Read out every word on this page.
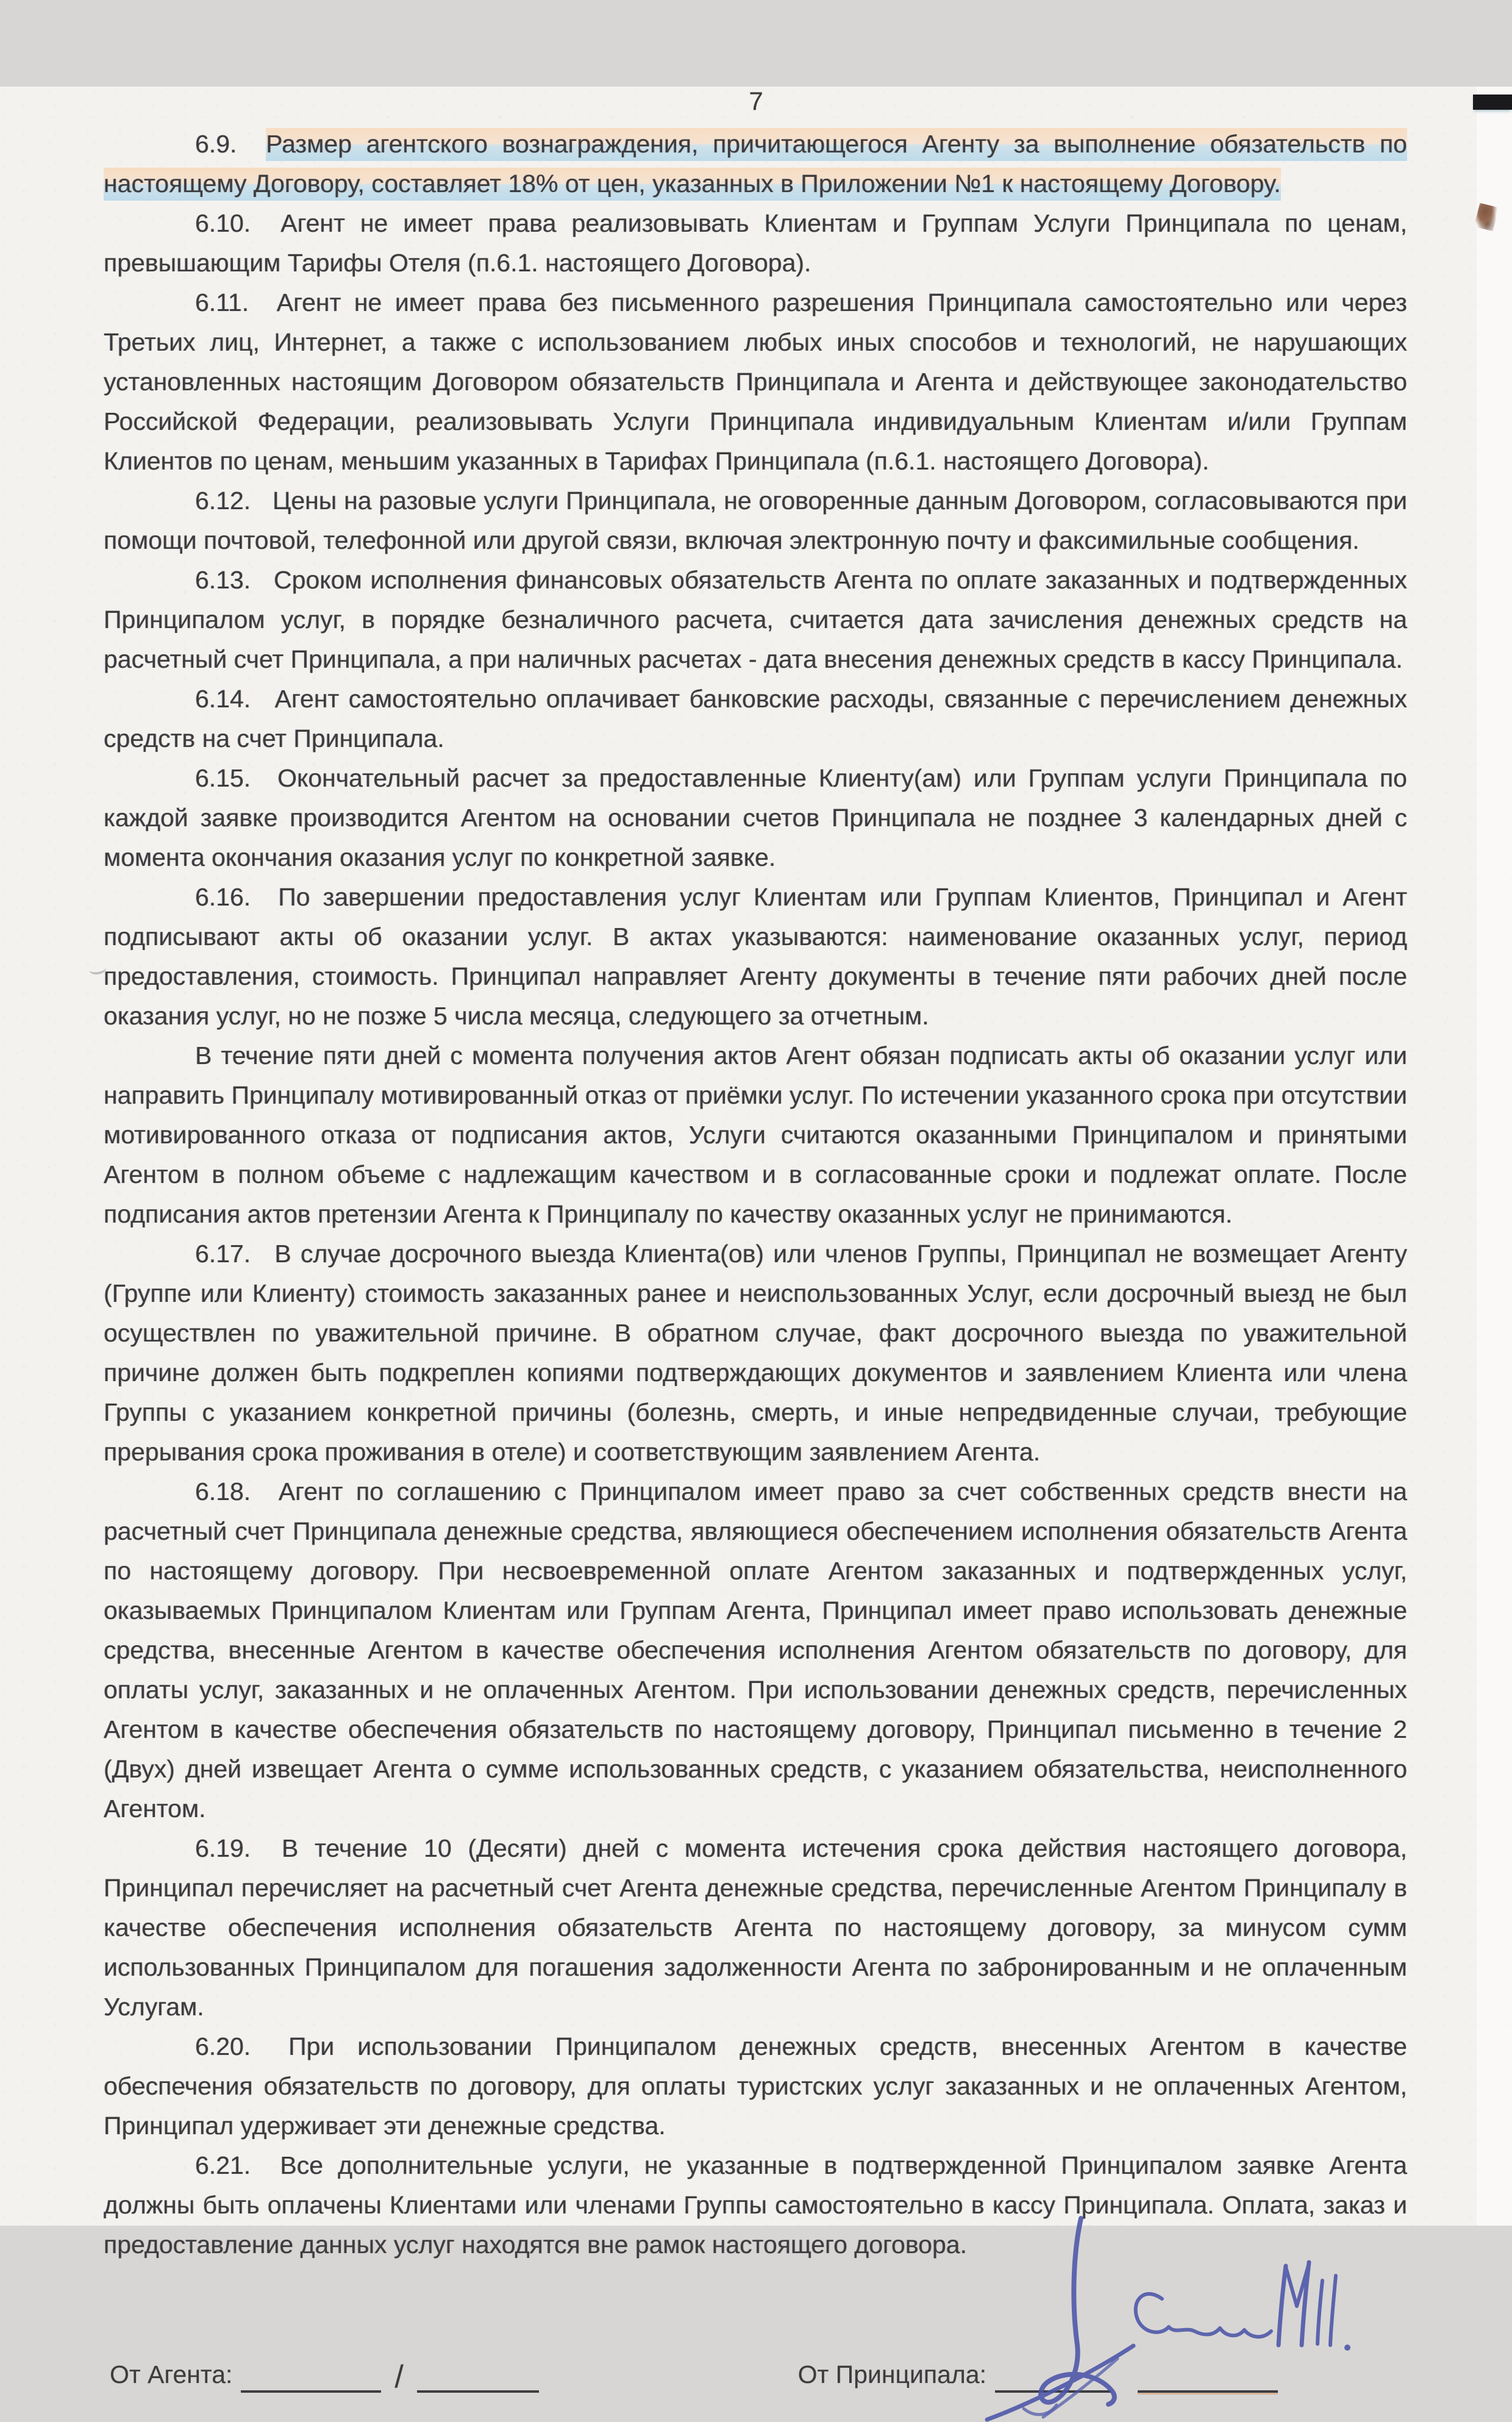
7

6.9. Размер агентского вознаграждения, причитающегося Агенту за выполнение обязательств по настоящему Договору, составляет 18% от цен, указанных в Приложении №1 к настоящему Договору.

6.10. Агент не имеет права реализовывать Клиентам и Группам Услуги Принципала по ценам, превышающим Тарифы Отеля (п.6.1. настоящего Договора).

6.11. Агент не имеет права без письменного разрешения Принципала самостоятельно или через Третьих лиц, Интернет, а также с использованием любых иных способов и технологий, не нарушающих установленных настоящим Договором обязательств Принципала и Агента и действующее законодательство Российской Федерации, реализовывать Услуги Принципала индивидуальным Клиентам и/или Группам Клиентов по ценам, меньшим указанных в Тарифах Принципала (п.6.1. настоящего Договора).

6.12. Цены на разовые услуги Принципала, не оговоренные данным Договором, согласовываются при помощи почтовой, телефонной или другой связи, включая электронную почту и факсимильные сообщения.

6.13. Сроком исполнения финансовых обязательств Агента по оплате заказанных и подтвержденных Принципалом услуг, в порядке безналичного расчета, считается дата зачисления денежных средств на расчетный счет Принципала, а при наличных расчетах - дата внесения денежных средств в кассу Принципала.

6.14. Агент самостоятельно оплачивает банковские расходы, связанные с перечислением денежных средств на счет Принципала.

6.15. Окончательный расчет за предоставленные Клиенту(ам) или Группам услуги Принципала по каждой заявке производится Агентом на основании счетов Принципала не позднее 3 календарных дней с момента окончания оказания услуг по конкретной заявке.

6.16. По завершении предоставления услуг Клиентам или Группам Клиентов, Принципал и Агент подписывают акты об оказании услуг. В актах указываются: наименование оказанных услуг, период предоставления, стоимость. Принципал направляет Агенту документы в течение пяти рабочих дней после оказания услуг, но не позже 5 числа месяца, следующего за отчетным.

В течение пяти дней с момента получения актов Агент обязан подписать акты об оказании услуг или направить Принципалу мотивированный отказ от приёмки услуг. По истечении указанного срока при отсутствии мотивированного отказа от подписания актов, Услуги считаются оказанными Принципалом и принятыми Агентом в полном объеме с надлежащим качеством и в согласованные сроки и подлежат оплате. После подписания актов претензии Агента к Принципалу по качеству оказанных услуг не принимаются.

6.17. В случае досрочного выезда Клиента(ов) или членов Группы, Принципал не возмещает Агенту (Группе или Клиенту) стоимость заказанных ранее и неиспользованных Услуг, если досрочный выезд не был осуществлен по уважительной причине. В обратном случае, факт досрочного выезда по уважительной причине должен быть подкреплен копиями подтверждающих документов и заявлением Клиента или члена Группы с указанием конкретной причины (болезнь, смерть, и иные непредвиденные случаи, требующие прерывания срока проживания в отеле) и соответствующим заявлением Агента.

6.18. Агент по соглашению с Принципалом имеет право за счет собственных средств внести на расчетный счет Принципала денежные средства, являющиеся обеспечением исполнения обязательств Агента по настоящему договору. При несвоевременной оплате Агентом заказанных и подтвержденных услуг, оказываемых Принципалом Клиентам или Группам Агента, Принципал имеет право использовать денежные средства, внесенные Агентом в качестве обеспечения исполнения Агентом обязательств по договору, для оплаты услуг, заказанных и не оплаченных Агентом. При использовании денежных средств, перечисленных Агентом в качестве обеспечения обязательств по настоящему договору, Принципал письменно в течение 2 (Двух) дней извещает Агента о сумме использованных средств, с указанием обязательства, неисполненного Агентом.

6.19. В течение 10 (Десяти) дней с момента истечения срока действия настоящего договора, Принципал перечисляет на расчетный счет Агента денежные средства, перечисленные Агентом Принципалу в качестве обеспечения исполнения обязательств Агента по настоящему договору, за минусом сумм использованных Принципалом для погашения задолженности Агента по забронированным и не оплаченным Услугам.

6.20. При использовании Принципалом денежных средств, внесенных Агентом в качестве обеспечения обязательств по договору, для оплаты туристских услуг заказанных и не оплаченных Агентом, Принципал удерживает эти денежные средства.

6.21. Все дополнительные услуги, не указанные в подтвержденной Принципалом заявке Агента должны быть оплачены Клиентами или членами Группы самостоятельно в кассу Принципала. Оплата, заказ и предоставление данных услуг находятся вне рамок настоящего договора.

От Агента:	/	От Принципала:
